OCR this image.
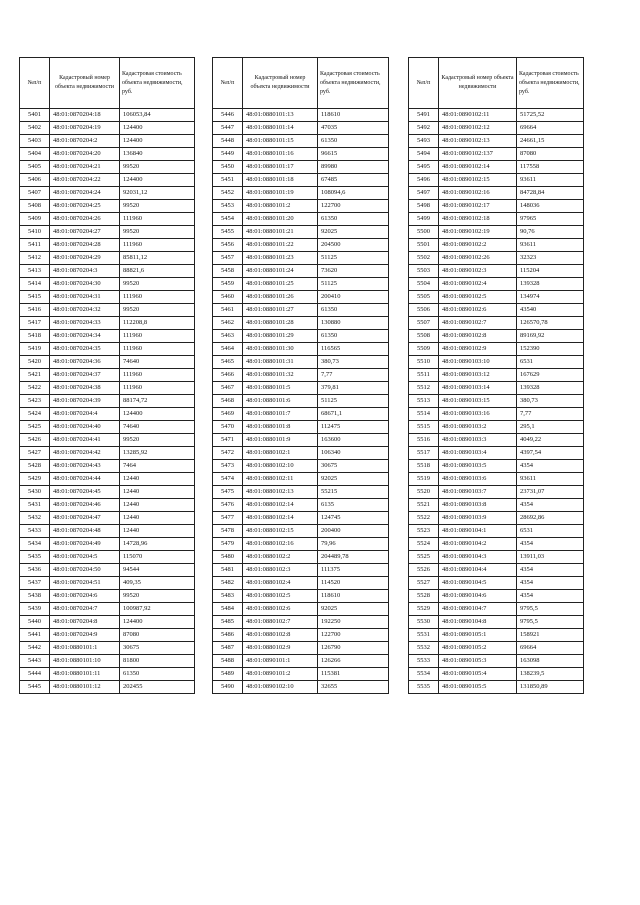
№п/п	Кадастровый номер объекта недвижимости	Кадастровая стоимость объекта недвижимости, руб.
5401	48:01:0870204:18	106053,84
5402	48:01:0870204:19	124400
5403	48:01:0870204:2	124400
5404	48:01:0870204:20	136840
5405	48:01:0870204:21	99520
5406	48:01:0870204:22	124400
5407	48:01:0870204:24	92031,12
5408	48:01:0870204:25	99520
5409	48:01:0870204:26	111960
5410	48:01:0870204:27	99520
5411	48:01:0870204:28	111960
5412	48:01:0870204:29	85811,12
5413	48:01:0870204:3	88821,6
5414	48:01:0870204:30	99520
5415	48:01:0870204:31	111960
5416	48:01:0870204:32	99520
5417	48:01:0870204:33	112208,8
5418	48:01:0870204:34	111960
5419	48:01:0870204:35	111960
5420	48:01:0870204:36	74640
5421	48:01:0870204:37	111960
5422	48:01:0870204:38	111960
5423	48:01:0870204:39	88174,72
5424	48:01:0870204:4	124400
5425	48:01:0870204:40	74640
5426	48:01:0870204:41	99520
5427	48:01:0870204:42	13285,92
5428	48:01:0870204:43	7464
5429	48:01:0870204:44	12440
5430	48:01:0870204:45	12440
5431	48:01:0870204:46	12440
5432	48:01:0870204:47	12440
5433	48:01:0870204:48	12440
5434	48:01:0870204:49	14728,96
5435	48:01:0870204:5	115070
5436	48:01:0870204:50	94544
5437	48:01:0870204:51	409,35
5438	48:01:0870204:6	99520
5439	48:01:0870204:7	100987,92
5440	48:01:0870204:8	124400
5441	48:01:0870204:9	87080
5442	48:01:0880101:1	30675
5443	48:01:0880101:10	81800
5444	48:01:0880101:11	61350
5445	48:01:0880101:12	202455
№п/п	Кадастровый номер объекта недвижимости	Кадастровая стоимость объекта недвижимости, руб.
5446	48:01:0880101:13	118610
5447	48:01:0880101:14	47035
5448	48:01:0880101:15	61350
5449	48:01:0880101:16	96615
5450	48:01:0880101:17	89980
5451	48:01:0880101:18	67485
5452	48:01:0880101:19	108094,6
5453	48:01:0880101:2	122700
5454	48:01:0880101:20	61350
5455	48:01:0880101:21	92025
5456	48:01:0880101:22	204500
5457	48:01:0880101:23	51125
5458	48:01:0880101:24	73620
5459	48:01:0880101:25	51125
5460	48:01:0880101:26	200410
5461	48:01:0880101:27	61350
5462	48:01:0880101:28	130880
5463	48:01:0880101:29	61350
5464	48:01:0880101:30	116565
5465	48:01:0880101:31	380,73
5466	48:01:0880101:32	7,77
5467	48:01:0880101:5	379,81
5468	48:01:0880101:6	51125
5469	48:01:0880101:7	68671,1
5470	48:01:0880101:8	112475
5471	48:01:0880101:9	163600
5472	48:01:0880102:1	106340
5473	48:01:0880102:10	30675
5474	48:01:0880102:11	92025
5475	48:01:0880102:13	55215
5476	48:01:0880102:14	6135
5477	48:01:0880102:14	124745
5478	48:01:0880102:15	200400
5479	48:01:0880102:16	79,96
5480	48:01:0880102:2	204489,78
5481	48:01:0880102:3	111375
5482	48:01:0880102:4	114520
5483	48:01:0880102:5	118610
5484	48:01:0880102:6	92025
5485	48:01:0880102:7	192250
5486	48:01:0880102:8	122700
5487	48:01:0880102:9	126790
5488	48:01:0890101:1	126266
5489	48:01:0890101:2	115381
5490	48:01:0890102:10	32655
№п/п	Кадастровый номер объекта недвижимости	Кадастровая стоимость объекта недвижимости, руб.
5491	48:01:0890102:11	51725,52
5492	48:01:0890102:12	69664
5493	48:01:0890102:13	24661,15
5494	48:01:0890102:137	87080
5495	48:01:0890102:14	117558
5496	48:01:0890102:15	93611
5497	48:01:0890102:16	84728,84
5498	48:01:0890102:17	148036
5499	48:01:0890102:18	97965
5500	48:01:0890102:19	90,76
5501	48:01:0890102:2	93611
5502	48:01:0890102:26	32323
5503	48:01:0890102:3	115204
5504	48:01:0890102:4	139328
5505	48:01:0890102:5	134974
5506	48:01:0890102:6	43540
5507	48:01:0890102:7	126570,78
5508	48:01:0890102:8	89169,92
5509	48:01:0890102:9	152390
5510	48:01:0890103:10	6531
5511	48:01:0890103:12	167629
5512	48:01:0890103:14	139328
5513	48:01:0890103:15	380,73
5514	48:01:0890103:16	7,77
5515	48:01:0890103:2	295,1
5516	48:01:0890103:3	4049,22
5517	48:01:0890103:4	4397,54
5518	48:01:0890103:5	4354
5519	48:01:0890103:6	93611
5520	48:01:0890103:7	23731,07
5521	48:01:0890103:8	4354
5522	48:01:0890103:9	28692,86
5523	48:01:0890104:1	6531
5524	48:01:0890104:2	4354
5525	48:01:0890104:3	13911,03
5526	48:01:0890104:4	4354
5527	48:01:0890104:5	4354
5528	48:01:0890104:6	4354
5529	48:01:0890104:7	9795,5
5530	48:01:0890104:8	9795,5
5531	48:01:0890105:1	158921
5532	48:01:0890105:2	69664
5533	48:01:0890105:3	163098
5534	48:01:0890105:4	138239,5
5535	48:01:0890105:5	131850,89
